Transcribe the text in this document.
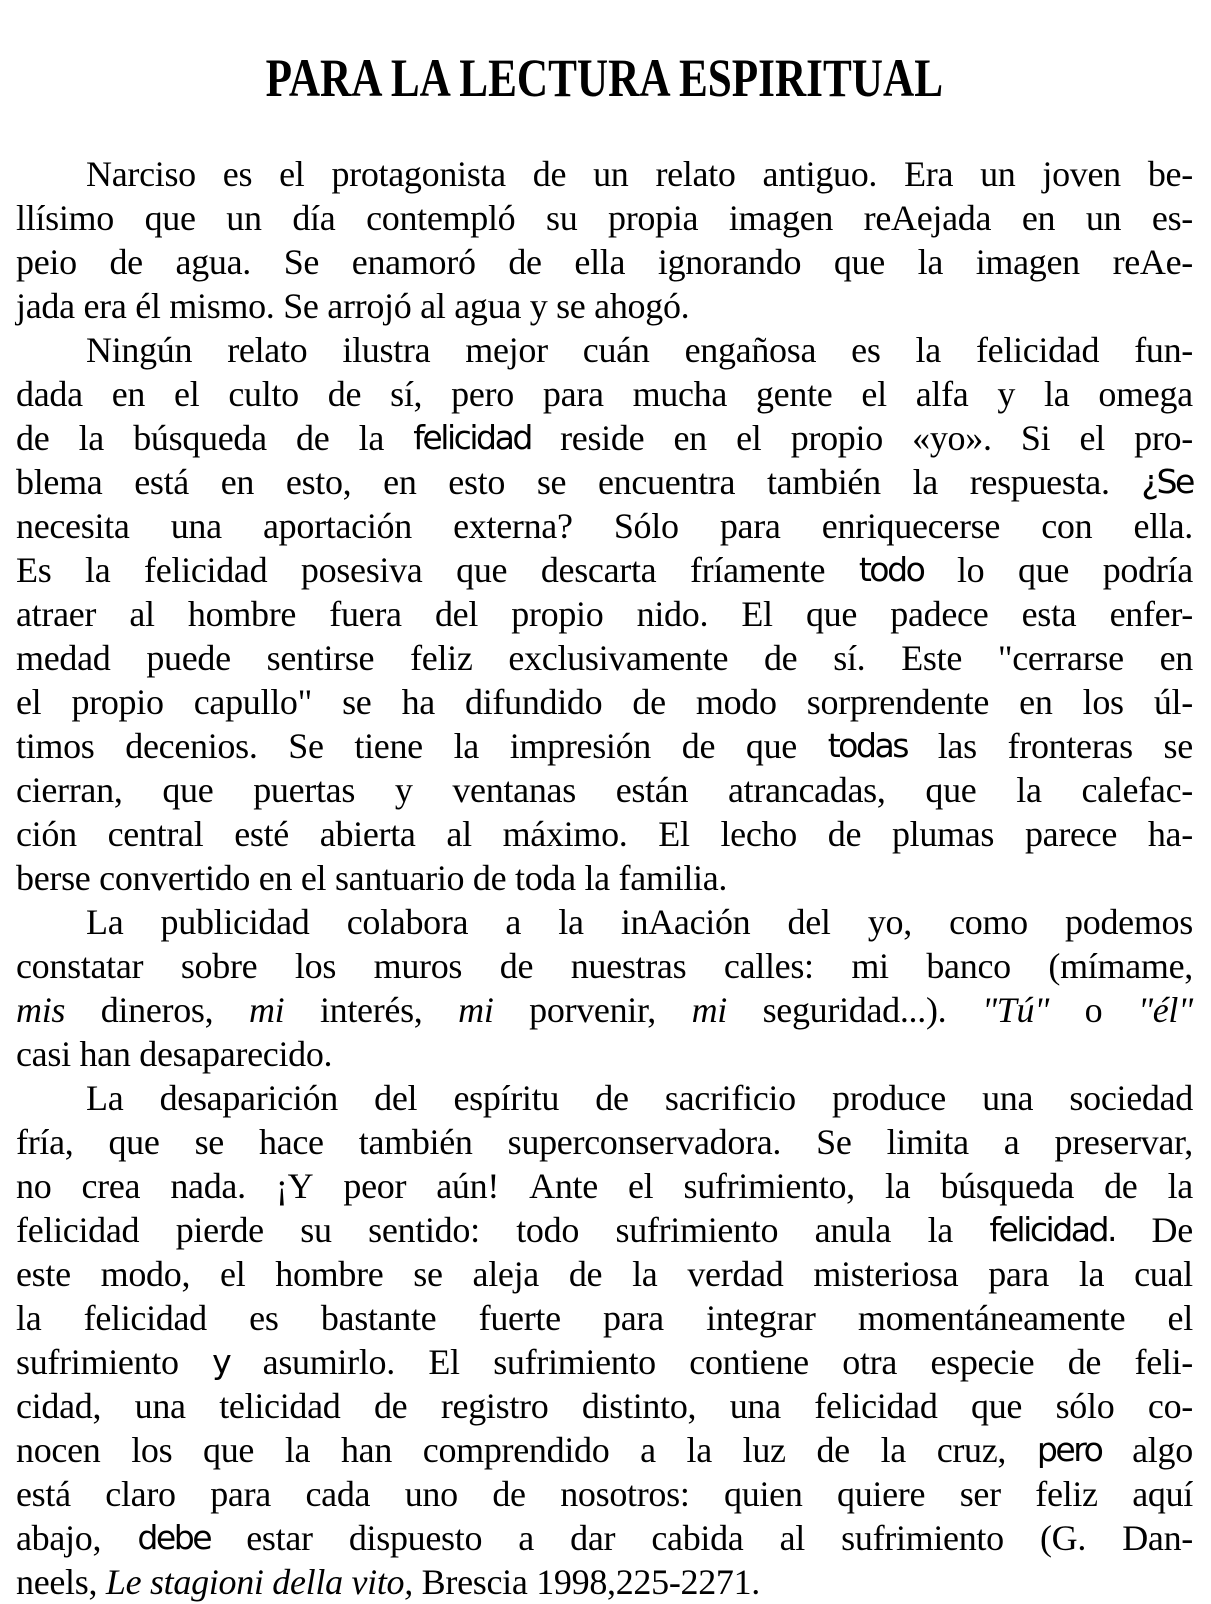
PARA LA LECTURA ESPIRITUAL
Narciso es el protagonista de un relato antiguo. Era un joven be-
llísimo que un día contempló su propia imagen reAejada en un es-
peio de agua. Se enamoró de ella ignorando que la imagen reAe-
jada era él mismo. Se arrojó al agua y se ahogó.
Ningún relato ilustra mejor cuán engañosa es la felicidad fun-
dada en el culto de sí, pero para mucha gente el alfa y la omega
de la búsqueda de la felicidad reside en el propio «yo». Si el pro-
blema está en esto, en esto se encuentra también la respuesta. ¿Se
necesita una aportación externa? Sólo para enriquecerse con ella.
Es la felicidad posesiva que descarta fríamente todo lo que podría
atraer al hombre fuera del propio nido. El que padece esta enfer-
medad puede sentirse feliz exclusivamente de sí. Este "cerrarse en
el propio capullo" se ha difundido de modo sorprendente en los úl-
timos decenios. Se tiene la impresión de que todas las fronteras se
cierran, que puertas y ventanas están atrancadas, que la calefac-
ción central esté abierta al máximo. El lecho de plumas parece ha-
berse convertido en el santuario de toda la familia.
La publicidad colabora a la inAación del yo, como podemos
constatar sobre los muros de nuestras calles: mi banco (mímame,
mis dineros, mi interés, mi porvenir, mi seguridad...). "Tú" o "él"
casi han desaparecido.
La desaparición del espíritu de sacrificio produce una sociedad
fría, que se hace también superconservadora. Se limita a preservar,
no crea nada. ¡Y peor aún! Ante el sufrimiento, la búsqueda de la
felicidad pierde su sentido: todo sufrimiento anula la felicidad. De
este modo, el hombre se aleja de la verdad misteriosa para la cual
la felicidad es bastante fuerte para integrar momentáneamente el
sufrimiento y asumirlo. El sufrimiento contiene otra especie de feli-
cidad, una telicidad de registro distinto, una felicidad que sólo co-
nocen los que la han comprendido a la luz de la cruz, pero algo
está claro para cada uno de nosotros: quien quiere ser feliz aquí
abajo, debe estar dispuesto a dar cabida al sufrimiento (G. Dan-
neels, Le stagioni della vito, Brescia 1998,225-2271.
